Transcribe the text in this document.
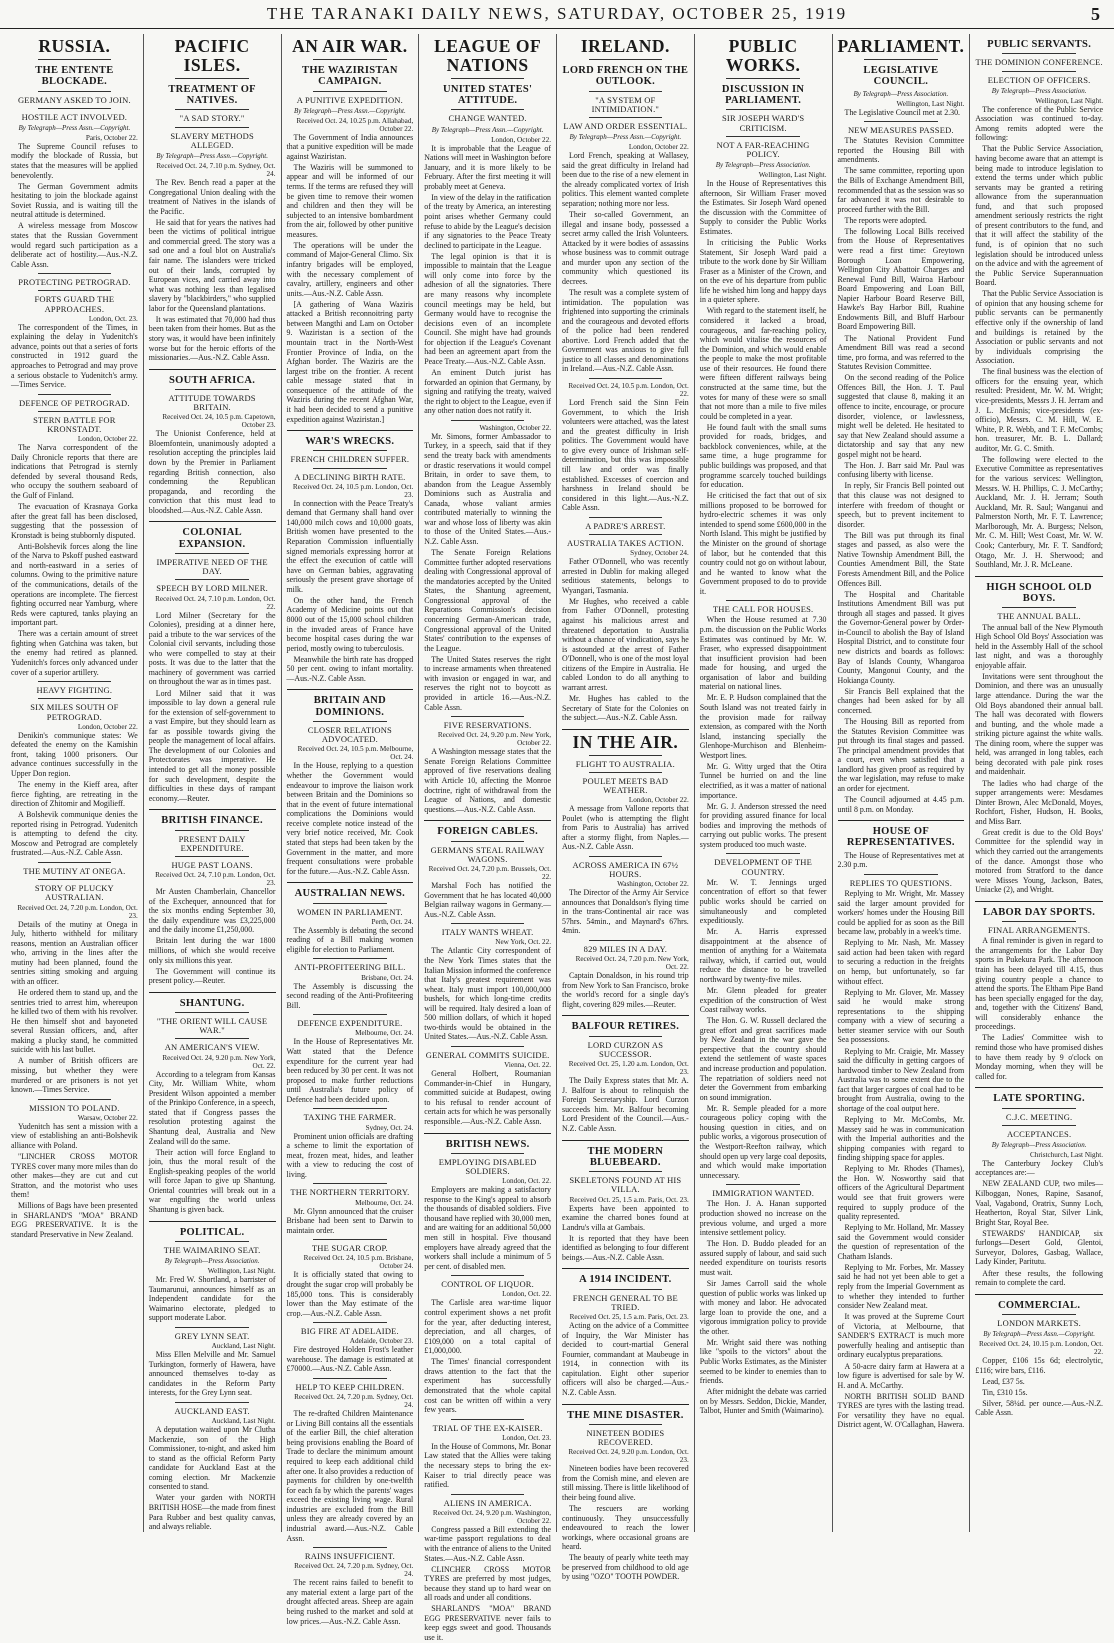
THE TARANAKI DAILY NEWS, SATURDAY, OCTOBER 25, 1919	5
RUSSIA.
THE ENTENTE BLOCKADE.
GERMANY ASKED TO JOIN.
HOSTILE ACT INVOLVED.
By Telegraph—Press Assn.—Copyright.
Paris, October 22.

The Supreme Council refuses to modify the blockade of Russia, but states that the measures will be applied benevolently.

The German Government admits hesitating to join the blockade against Soviet Russia, and is waiting till the neutral attitude is determined.

A wireless message from Moscow states that the Russian Government would regard such participation as a deliberate act of hostility.—Aus.-N.Z. Cable Assn.

PROTECTING PETROGRAD.
FORTS GUARD THE APPROACHES.
London, Oct. 23.

The correspondent of the Times, in explaining the delay in Yudenitch's advance, points out that a series of forts constructed in 1912 guard the approaches to Petrograd and may prove a serious obstacle to Yudenitch's army.—Times Service.

DEFENCE OF PETROGRAD.
STERN BATTLE FOR KRONSTADT.
London, October 22.

The Narva correspondent of the Daily Chronicle reports that there are indications that Petrograd is sternly defended by several thousand Reds, who occupy the southern seaboard of the Gulf of Finland.

The evacuation of Krasnaya Gorka after the great fall has been disclosed, suggesting that the possession of Kronstadt is being stubbornly disputed.

Anti-Bolshevik forces along the line of the Narva to Pskoff pushed eastward and north-eastward in a series of columns. Owing to the primitive nature of the communications, details of the operations are incomplete. The fiercest fighting occurred near Yamburg, where Reds were captured, tanks playing an important part.

There was a certain amount of street fighting when Gatchina was taken, but the enemy had retired as planned. Yudenitch's forces only advanced under cover of a superior artillery.

HEAVY FIGHTING.
SIX MILES SOUTH OF PETROGRAD.
London, October 22.

Denikin's communique states: We defeated the enemy on the Kamishin front, taking 1000 prisoners. Our advance continues successfully in the Upper Don region.

The enemy in the Kieff area, after fierce fighting, are retreating in the direction of Zhitomir and Mogilieff.

A Bolshevik communique denies the reported rising in Petrograd. Yudenitch is attempting to defend the city. Moscow and Petrograd are completely frustrated.—Aus.-N.Z. Cable Assn.

THE MUTINY AT ONEGA.
STORY OF PLUCKY AUSTRALIAN.
Received Oct. 24, 7.20 p.m. London, Oct. 23.

Details of the mutiny at Onega in July, hitherto withheld for military reasons, mention an Australian officer who, arriving in the lines after the mutiny had been planned, found the sentries sitting smoking and arguing with an officer.

He ordered them to stand up, and the sentries tried to arrest him, whereupon he killed two of them with his revolver. He then himself shot and bayoneted several Russian officers, and, after making a plucky stand, he committed suicide with his last bullet.

A number of British officers are missing, but whether they were murdered or are prisoners is not yet known.—Times Service.

MISSION TO POLAND.
Warsaw, October 22.

Yudenitch has sent a mission with a view of establishing an anti-Bolshevik alliance with Poland.

"LINCHER CROSS MOTOR TYRES cover many more miles than do other makes—they are cut and cut Stratton, and the motorist who uses them!

Millions of Bags have been presented in SHARLAND'S "MOA" BRAND EGG PRESERVATIVE. It is the standard Preservative in New Zealand.

PACIFIC ISLES.
TREATMENT OF NATIVES.
"A SAD STORY."
SLAVERY METHODS ALLEGED.
By Telegraph—Press Assn.—Copyright.
Received Oct. 24, 7.10 p.m. Sydney, Oct. 24.

The Rev. Bench read a paper at the Congregational Union dealing with the treatment of Natives in the islands of the Pacific.

He said that for years the natives had been the victims of political intrigue and commercial greed. The story was a sad one and a foul blot on Australia's fair name. The islanders were tricked out of their lands, corrupted by European vices, and carried away into what was nothing less than legalised slavery by "blackbirders," who supplied labor for the Queensland plantations.

It was estimated that 70,000 had thus been taken from their homes. But as the story was, it would have been infinitely worse but for the heroic efforts of the missionaries.—Aus.-N.Z. Cable Assn.

SOUTH AFRICA.
ATTITUDE TOWARDS BRITAIN.
Received Oct. 24, 10.5 p.m. Capetown, October 23.

The Unionist Conference, held at Bloemfontein, unanimously adopted a resolution accepting the principles laid down by the Premier in Parliament regarding British connection, also condemning the Republican propaganda, and recording the conviction that this must lead to bloodshed.—Aus.-N.Z. Cable Assn.

COLONIAL EXPANSION.
IMPERATIVE NEED OF THE DAY.
SPEECH BY LORD MILNER.
Received Oct. 24, 7.10 p.m. London, Oct. 22.

Lord Milner (Secretary for the Colonies), presiding at a dinner here, paid a tribute to the war services of the Colonial civil servants, including those who were compelled to stay at their posts. It was due to the latter that the machinery of government was carried on throughout the war as in times past.

Lord Milner said that it was impossible to lay down a general rule for the extension of self-government to a vast Empire, but they should learn as far as possible towards giving the people the management of local affairs. The development of our Colonies and Protectorates was imperative. He intended to get all the money possible for such development, despite the difficulties in these days of rampant economy.—Reuter.

BRITISH FINANCE.
PRESENT DAILY EXPENDITURE.
HUGE PAST LOANS.
Received Oct. 24, 7.10 p.m. London, Oct. 23.

Mr Austen Chamberlain, Chancellor of the Exchequer, announced that for the six months ending September 30, the daily expenditure was £3,225,000 and the daily income £1,250,000.

Britain lent during the war 1800 millions, of which she would receive only six millions this year.

The Government will continue its present policy.—Reuter.

SHANTUNG.
"THE ORIENT WILL CAUSE WAR."
AN AMERICAN'S VIEW.
Received Oct. 24, 9.20 p.m. New York, Oct. 22.

According to a telegram from Kansas City, Mr. William White, whom President Wilson appointed a member of the Prinkipo Conference, in a speech, stated that if Congress passes the resolution protesting against the Shantung deal, Australia and New Zealand will do the same.

Their action will force England to join, thus the moral result of the English-speaking peoples of the world will force Japan to give up Shantung. Oriental countries will break out in a war engulfing the world unless Shantung is given back.

POLITICAL.
THE WAIMARINO SEAT.
By Telegraph—Press Association.
Wellington, Last Night.

Mr. Fred W. Shortland, a barrister of Taumarunui, announces himself as an Independent candidate for the Waimarino electorate, pledged to support moderate Labor.

GREY LYNN SEAT.
Auckland, Last Night.

Miss Ellen Melville and Mr. Samuel Turkington, formerly of Hawera, have announced themselves to-day as candidates in the Reform Party interests, for the Grey Lynn seat.

AUCKLAND EAST.
Auckland, Last Night.

A deputation waited upon Mr Clutha Mackenzie, son of the High Commissioner, to-night, and asked him to stand as the official Reform Party candidate for Auckland East at the coming election. Mr Mackenzie consented to stand.

Water your garden with NORTH BRITISH HOSE—the made from finest Para Rubber and best quality canvas, and always reliable.

AN AIR WAR.
THE WAZIRISTAN CAMPAIGN.
A PUNITIVE EXPEDITION.
By Telegraph—Press Assn.—Copyright.
Received Oct. 24, 10.25 p.m. Allahabad, October 22.

The Government of India announces that a punitive expedition will be made against Waziristan.

The Waziris will be summoned to appear and will be informed of our terms. If the terms are refused they will be given time to remove their women and children and then they will be subjected to an intensive bombardment from the air, followed by other punitive measures.

The operations will be under the command of Major-General Climo. Six infantry brigades will be employed, with the necessary complement of cavalry, artillery, engineers and other units.—Aus.-N.Z. Cable Assn.

[A gathering of Wana Waziris attacked a British reconnoitring party between Mangthi and Lam on October 9. Waziristan is a section of the mountain tract in the North-West Frontier Province of India, on the Afghan border. The Waziris are the largest tribe on the frontier. A recent cable message stated that in consequence of the attitude of the Waziris during the recent Afghan War, it had been decided to send a punitive expedition against Waziristan.]

WAR'S WRECKS.
FRENCH CHILDREN SUFFER.
A DECLINING BIRTH RATE.
Received Oct. 24, 10.5 p.m. London, Oct. 23.

In connection with the Peace Treaty's demand that Germany shall hand over 140,000 milch cows and 10,000 goats, British women have presented to the Reparation Commission influentially signed memorials expressing horror at the effect the execution of cattle will have on German babies, aggravating seriously the present grave shortage of milk.

On the other hand, the French Academy of Medicine points out that 8000 out of the 15,000 school children in the invaded areas of France have become hospital cases during the war period, mostly owing to tuberculosis.

Meanwhile the birth rate has dropped 50 per cent. owing to infant mortality.—Aus.-N.Z. Cable Assn.

BRITAIN AND DOMINIONS.
CLOSER RELATIONS ADVOCATED.
Received Oct. 24, 10.5 p.m. Melbourne, Oct. 24.

In the House, replying to a question whether the Government would endeavour to improve the liaison work between Britain and the Dominions so that in the event of future international complications the Dominions would receive complete notice instead of the very brief notice received, Mr. Cook stated that steps had been taken by the Government in the matter, and more frequent consultations were probable for the future.—Aus.-N.Z. Cable Assn.

AUSTRALIAN NEWS.
WOMEN IN PARLIAMENT.
Perth, Oct. 24.

The Assembly is debating the second reading of a Bill making women eligible for election to Parliament.

ANTI-PROFITEERING BILL.
Brisbane, Oct. 24.

The Assembly is discussing the second reading of the Anti-Profiteering Bill.

DEFENCE EXPENDITURE.
Melbourne, Oct. 24.

In the House of Representatives Mr. Watt stated that the Defence expenditure for the current year had been reduced by 30 per cent. It was not proposed to make further reductions until Australia's future policy of Defence had been decided upon.

TAXING THE FARMER.
Sydney, Oct. 24.

Prominent union officials are drafting a scheme to limit the exportation of meat, frozen meat, hides, and leather with a view to reducing the cost of living.

THE NORTHERN TERRITORY.
Melbourne, Oct. 24.

Mr. Glynn announced that the cruiser Brisbane had been sent to Darwin to maintain order.

THE SUGAR CROP.
Received Oct. 24, 10.5 p.m. Brisbane, October 24.

It is officially stated that owing to drought the sugar crop will probably be 185,000 tons. This is considerably lower than the May estimate of the crop.—Aus.-N.Z. Cable Assn.

BIG FIRE AT ADELAIDE.
Adelaide, October 23.

Fire destroyed Holden Frost's leather warehouse. The damage is estimated at £70000.—Aus.-N.Z. Cable Assn.

HELP TO KEEP CHILDREN.
Received Oct. 24, 7.20 p.m. Sydney, Oct. 24.

The re-drafted Children Maintenance or Living Bill contains all the essentials of the earlier Bill, the chief alteration being provisions enabling the Board of Trade to declare the minimum amount required to keep each additional child after one. It also provides a reduction of payments for children by one-twelfth for each fa by which the parents' wages exceed the existing living wage. Rural industries are excluded from the Bill unless they are already covered by an industrial award.—Aus.-N.Z. Cable Assn.

RAINS INSUFFICIENT.
Received Oct. 24, 7.20 p.m. Sydney, Oct. 24.

The recent rains failed to benefit to any material extent a large part of the drought affected areas. Sheep are again being rushed to the market and sold at low prices.—Aus.-N.Z. Cable Assn.

LEAGUE OF NATIONS
UNITED STATES' ATTITUDE.
CHANGE WANTED.
By Telegraph—Press Assn.—Copyright.
London, October 22.

It is improbable that the League of Nations will meet in Washington before January, and it is more likely to be February. After the first meeting it will probably meet at Geneva.

In view of the delay in the ratification of the treaty by America, an interesting point arises whether Germany could refuse to abide by the League's decision if any signatories to the Peace Treaty declined to participate in the League.

The legal opinion is that it is impossible to maintain that the League will only come into force by the adhesion of all the signatories. There are many reasons why incomplete council meetings may be held, but Germany would have to recognise the decisions even of an incomplete Council. She might have had grounds for objection if the League's Covenant had been an agreement apart from the Peace Treaty.—Aus.-N.Z. Cable Assn.

An eminent Dutch jurist has forwarded an opinion that Germany, by signing and ratifying the treaty, waived the right to object to the League, even if any other nation does not ratify it.

Washington, October 22.

Mr. Simons, former Ambassador to Turkey, in a speech, said that if they send the treaty back with amendments or drastic reservations it would compel Britain, in order to save them, to abandon from the League Assembly Dominions such as Australia and Canada, whose valiant armies contributed materially to winning the war and whose loss of liberty was akin to those of the United States.—Aus.-N.Z. Cable Assn.

The Senate Foreign Relations Committee further adopted reservations dealing with Congressional approval of the mandatories accepted by the United States, the Shantung agreement, Congressional approval of the Reparations Commission's decision concerning German-American trade, Congressional approval of the United States' contribution to the expenses of the League.

The United States reserves the right to increase armaments when threatened with invasion or engaged in war, and reserves the right not to boycott as provided in article 16.—Aus.-N.Z. Cable Assn.

FIVE RESERVATIONS.
Received Oct. 24, 9.20 p.m. New York, October 22.

A Washington message states that the Senate Foreign Relations Committee approved of five reservations dealing with Article 10, affecting the Monroe doctrine, right of withdrawal from the League of Nations, and domestic questions.—Aus.-N.Z. Cable Assn.

FOREIGN CABLES.
GERMANS STEAL RAILWAY WAGONS.
Received Oct. 24, 7.20 p.m. Brussels, Oct. 22.

Marshal Foch has notified the Government that he has located 40,000 Belgian railway wagons in Germany.—Aus.-N.Z. Cable Assn.

ITALY WANTS WHEAT.
New York, Oct. 22.

The Atlantic City correspondent of the New York Times states that the Italian Mission informed the conference that Italy's greatest requirement was wheat. Italy must import 100,000,000 bushels, for which long-time credits will be required. Italy desired a loan of 500 million dollars, of which it hoped two-thirds would be obtained in the United States.—Aus.-N.Z. Cable Assn.

GENERAL COMMITS SUICIDE.
Vienna, Oct. 22.

General Holbert, Roumanian Commander-in-Chief in Hungary, committed suicide at Budapest, owing to his refusal to render account of certain acts for which he was personally responsible.—Aus.-N.Z. Cable Assn.

BRITISH NEWS.
EMPLOYING DISABLED SOLDIERS.
London, Oct. 22.

Employers are making a satisfactory response to the King's appeal to absorb the thousands of disabled soldiers. Five thousand have replied with 30,000 men, and are waiting for an additional 50,000 men still in hospital. Five thousand employers have already agreed that the workers shall include a minimum of 5 per cent. of disabled men.

CONTROL OF LIQUOR.
London, Oct. 22.

The Carlisle area war-time liquor control experiment shows a net profit for the year, after deducting interest, depreciation, and all charges, of £109,000 on a total capital of £1,000,000.

The Times' financial correspondent draws attention to the fact that the experiment has successfully demonstrated that the whole capital cost can be written off within a very few years.

TRIAL OF THE EX-KAISER.
London, Oct. 23.

In the House of Commons, Mr. Bonar Law stated that the Allies were taking the necessary steps to bring the ex-Kaiser to trial directly peace was ratified.

ALIENS IN AMERICA.
Received Oct. 24, 9.20 p.m. Washington, October 22.

Congress passed a Bill extending the war-time passport regulations to deal with the entrance of aliens to the United States.—Aus.-N.Z. Cable Assn.

CLINCHER CROSS MOTOR TYRES are preferred by most judges, because they stand up to hard wear on all roads and under all conditions.

SHARLAND'S "MOA" BRAND EGG PRESERVATIVE never fails to keep eggs sweet and good. Thousands use it.

IRELAND.
LORD FRENCH ON THE OUTLOOK.
"A SYSTEM OF INTIMIDATION."
LAW AND ORDER ESSENTIAL.
By Telegraph—Press Assn.—Copyright.
London, October 22.

Lord French, speaking at Wallasey, said the great difficulty in Ireland had been due to the rise of a new element in the already complicated vortex of Irish politics. This element wanted complete separation; nothing more nor less.

Their so-called Government, an illegal and insane body, possessed a secret army called the Irish Volunteers. Attacked by it were bodies of assassins whose business was to commit outrage and murder upon any section of the community which questioned its decrees.

The result was a complete system of intimidation. The population was frightened into supporting the criminals and the courageous and devoted efforts of the police had been rendered abortive. Lord French added that the Government was anxious to give full justice to all classes and denominations in Ireland.—Aus.-N.Z. Cable Assn.

Received Oct. 24, 10.5 p.m. London, Oct. 22.

Lord French said the Sinn Fein Government, to which the Irish volunteers were attached, was the latest and the greatest difficulty in Irish politics. The Government would have to give every ounce of Irishman self-determination, but this was impossible till law and order was finally established. Excesses of coercion and harshness in Ireland should be considered in this light.—Aus.-N.Z. Cable Assn.

A PADRE'S ARREST.
AUSTRALIA TAKES ACTION.
Sydney, October 24.

Father O'Donnell, who was recently arrested in Dublin for making alleged seditious statements, belongs to Wyangari, Tasmania.

Mr Hughes, who received a cable from Father O'Donnell, protesting against his malicious arrest and threatened deportation to Australia without a chance of vindication, says he is astounded at the arrest of Father O'Donnell, who is one of the most loyal citizens of the Empire in Australia. He cabled London to do all anything to warrant arrest.

Mr. Hughes has cabled to the Secretary of State for the Colonies on the subject.—Aus.-N.Z. Cable Assn.

IN THE AIR.
FLIGHT TO AUSTRALIA.
POULET MEETS BAD WEATHER.
London, October 22.

A message from Vallone reports that Poulet (who is attempting the flight from Paris to Australia) has arrived after a stormy flight, from Naples.—Aus.-N.Z. Cable Assn.

ACROSS AMERICA IN 67½ HOURS.
Washington, October 22.

The Director of the Army Air Service announces that Donaldson's flying time in the trans-Continental air race was 57hrs. 54min., and Maynard's 67hrs. 4min.

829 MILES IN A DAY.
Received Oct. 24, 7.20 p.m. New York, Oct. 22.

Captain Donaldson, in his round trip from New York to San Francisco, broke the world's record for a single day's flight, covering 829 miles.—Reuter.

BALFOUR RETIRES.
LORD CURZON AS SUCCESSOR.
Received Oct. 25, 1.20 a.m. London, Oct. 23.

The Daily Express states that Mr. A. J. Balfour is about to relinquish the Foreign Secretaryship. Lord Curzon succeeds him. Mr. Balfour becoming Lord President of the Council.—Aus.-N.Z. Cable Assn.

THE MODERN BLUEBEARD.
SKELETONS FOUND AT HIS VILLA.
Received Oct. 25, 1.5 a.m. Paris, Oct. 23.

Experts have been appointed to examine the charred bones found at Landru's villa at Gambais.

It is reported that they have been identified as belonging to four different beings.—Aus.-N.Z. Cable Assn.

A 1914 INCIDENT.
FRENCH GENERAL TO BE TRIED.
Received Oct. 25, 1.5 a.m. Paris, Oct. 23.

Acting on the advice of a Committee of Inquiry, the War Minister has decided to court-martial General Fournier, commandant at Maubeuge in 1914, in connection with its capitulation. Eight other superior officers will also be charged.—Aus.-N.Z. Cable Assn.

THE MINE DISASTER.
NINETEEN BODIES RECOVERED.
Received Oct. 24, 9.20 p.m. London, Oct. 23.

Nineteen bodies have been recovered from the Cornish mine, and eleven are still missing. There is little likelihood of their being found alive.

The rescuers are working continuously. They unsuccessfully endeavoured to reach the lower workings, where occasional groans are heard.

The beauty of pearly white teeth may be preserved from childhood to old age by using "OZO" TOOTH POWDER.

PUBLIC WORKS.
DISCUSSION IN PARLIAMENT.
SIR JOSEPH WARD'S CRITICISM.
NOT A FAR-REACHING POLICY.
By Telegraph—Press Association.
Wellington, Last Night.

In the House of Representatives this afternoon, Sir William Fraser moved the Estimates. Sir Joseph Ward opened the discussion with the Committee of Supply to consider the Public Works Estimates.

In criticising the Public Works Statement, Sir Joseph Ward paid a tribute to the work done by Sir William Fraser as a Minister of the Crown, and on the eve of his departure from public life he wished him long and happy days in a quieter sphere.

With regard to the statement itself, he considered it lacked a broad, courageous, and far-reaching policy, which would vitalise the resources of the Dominion, and which would enable the people to make the most profitable use of their resources. He found there were fifteen different railways being constructed at the same time, but the votes for many of these were so small that not more than a mile to five miles could be completed in a year.

He found fault with the small sums provided for roads, bridges, and backblock conveniences, while, at the same time, a huge programme for public buildings was proposed, and that programme scarcely touched buildings for education.

He criticised the fact that out of six millions proposed to be borrowed for hydro-electric schemes it was only intended to spend some £600,000 in the North Island. This might be justified by the Minister on the ground of shortage of labor, but he contended that this country could not go on without labour, and he wanted to know what the Government proposed to do to provide it.

THE CALL FOR HOUSES.

When the House resumed at 7.30 p.m. the discussion on the Public Works Estimates was continued by Mr. W. Fraser, who expressed disappointment that insufficient provision had been made for housing, and urged the organisation of labor and building material on national lines.

Mr. E. P. Hudson complained that the South Island was not treated fairly in the provision made for railway extension, as compared with the North Island, instancing specially the Glenhope-Murchison and Blenheim-Westport lines.

Mr. G. Witty urged that the Otira Tunnel be hurried on and the line electrified, as it was a matter of national importance.

Mr. G. J. Anderson stressed the need for providing assured finance for local bodies and improving the methods of carrying out public works. The present system produced too much waste.

DEVELOPMENT OF THE COUNTRY.

Mr. W. T. Jennings urged concentration of effort so that fewer public works should be carried on simultaneously and completed expeditiously.

Mr. A. Harris expressed disappointment at the absence of mention of anything for a Waitemata railway, which, if carried out, would reduce the distance to be travelled northward by twenty-five miles.

Mr. Glenn pleaded for greater expedition of the construction of West Coast railway works.

The Hon. G. W. Russell declared the great effort and great sacrifices made by New Zealand in the war gave the perspective that the country should extend the settlement of waste spaces and increase production and population. The repatriation of soldiers need not deter the Government from embarking on sound immigration.

Mr. R. Semple pleaded for a more courageous policy coping with the housing question in cities, and on public works, a vigorous prosecution of the Westport-Reefton railway, which should open up very large coal deposits, and which would make importation unnecessary.

IMMIGRATION WANTED.

The Hon. J. A. Hanan supported production showed no increase on the previous volume, and urged a more intensive settlement policy.

The Hon. D. Buddo pleaded for an assured supply of labour, and said such needed expenditure on tourists resorts must wait.

Sir James Carroll said the whole question of public works was linked up with money and labor. He advocated large loan to provide the one, and a vigorous immigration policy to provide the other.

Mr. Wright said there was nothing like "spoils to the victors" about the Public Works Estimates, as the Minister seemed to be kinder to enemies than to friends.

After midnight the debate was carried on by Messrs. Seddon, Dickie, Mander, Talbot, Hunter and Smith (Waimarino).

PARLIAMENT.
LEGISLATIVE COUNCIL.
By Telegraph—Press Association.
Wellington, Last Night.

The Legislative Council met at 2.30.

NEW MEASURES PASSED.

The Statutes Revision Committee reported the Housing Bill with amendments.

The same committee, reporting upon the Bills of Exchange Amendment Bill, recommended that as the session was so far advanced it was not desirable to proceed further with the Bill.

The reports were adopted.

The following Local Bills received from the House of Representatives were read a first time: Greytown Borough Loan Empowering, Wellington City Abattoir Charges and Renewal Fund Bill, Wairoa Harbour Board Empowering and Loan Bill, Napier Harbour Board Reserve Bill, Hawke's Bay Harbor Bill, Ruahine Endowments Bill, and Bluff Harbour Board Empowering Bill.

The National Provident Fund Amendment Bill was read a second time, pro forma, and was referred to the Statutes Revision Committee.

On the second reading of the Police Offences Bill, the Hon. J. T. Paul suggested that clause 8, making it an offence to incite, encourage, or procure disorder, violence, or lawlessness, might well be deleted. He hesitated to say that New Zealand should assume a dictatorship and say that any new gospel might not be heard.

The Hon. J. Barr said Mr. Paul was confusing liberty with license.

In reply, Sir Francis Bell pointed out that this clause was not designed to interfere with freedom of thought or speech, but to prevent incitement to disorder.

The Bill was put through its final stages and passed, as also were the Native Township Amendment Bill, the Counties Amendment Bill, the State Forests Amendment Bill, and the Police Offences Bill.

The Hospital and Charitable Institutions Amendment Bill was put through all stages and passed. It gives the Governor-General power by Order-in-Council to abolish the Bay of Island Hospital District, and to constitute four new districts and boards as follows: Bay of Islands County, Whangaroa County, Mangonui County, and the Hokianga County.

Sir Francis Bell explained that the changes had been asked for by all concerned.

The Housing Bill as reported from the Statutes Revision Committee was put through its final stages and passed. The principal amendment provides that a court, even when satisfied that a landlord has given proof as required by the war legislation, may refuse to make an order for ejectment.

The Council adjourned at 4.45 p.m. until 8 p.m. on Monday.

HOUSE OF REPRESENTATIVES.

The House of Representatives met at 2.30 p.m.

REPLIES TO QUESTIONS.

Replying to Mr. Wright, Mr. Massey said the larger amount provided for workers' homes under the Housing Bill could be applied for as soon as the Bill became law, probably in a week's time.

Replying to Mr. Nash, Mr. Massey said action had been taken with regard to securing a reduction in the freights on hemp, but unfortunately, so far without effect.

Replying to Mr. Glover, Mr. Massey said he would make strong representations to the shipping company with a view of securing a better steamer service with our South Sea possessions.

Replying to Mr. Craigie, Mr. Massey said the difficulty in getting cargoes of hardwood timber to New Zealand from Australia was to some extent due to the fact that larger cargoes of coal had to be brought from Australia, owing to the shortage of the coal output here.

Replying to Mr. McCombs, Mr. Massey said he was in communication with the Imperial authorities and the shipping companies with regard to finding shipping space for apples.

Replying to Mr. Rhodes (Thames), the Hon. W. Nosworthy said that officers of the Agricultural Department would see that fruit growers were required to supply produce of the quality represented.

Replying to Mr. Holland, Mr. Massey said the Government would consider the question of representation of the Chatham Islands.

Replying to Mr. Forbes, Mr. Massey said he had not yet been able to get a reply from the Imperial Government as to whether they intended to further consider New Zealand meat.

It was proved at the Supreme Court of Victoria, at Melbourne, that SANDER'S EXTRACT is much more powerfully healing and antiseptic than ordinary eucalyptus preparations.

A 50-acre dairy farm at Hawera at a low figure is advertised for sale by W. H. and A. McCarthy.

NORTH BRITISH SOLID BAND TYRES are tyres with the lasting tread. For versatility they have no equal. District agent, W. O'Callaghan, Hawera.

PUBLIC SERVANTS.
THE DOMINION CONFERENCE.
ELECTION OF OFFICERS.
By Telegraph—Press Association.
Wellington, Last Night.

The conference of the Public Service Association was continued to-day. Among remits adopted were the following:

That the Public Service Association, having become aware that an attempt is being made to introduce legislation to extend the terms under which public servants may be granted a retiring allowance from the superannuation fund, and that such proposed amendment seriously restricts the right of present contributors to the fund, and that it will affect the stability of the fund, is of opinion that no such legislation should be introduced unless on the advice and with the agreement of the Public Service Superannuation Board.

That the Public Service Association is of opinion that any housing scheme for public servants can be permanently effective only if the ownership of land and buildings is retained by the Association or public servants and not by individuals comprising the Association.

The final business was the election of officers for the ensuing year, which resulted: President, Mr. W. M. Wright; vice-presidents, Messrs J. H. Jerram and J. L. McEnnis; vice-presidents (ex-officio), Messrs. C. M. Hill, W. E. White, P. R. Webb, and T. F. McCombs; hon. treasurer, Mr. B. L. Dallard; auditor, Mr. G. C. Smith.

The following were elected to the Executive Committee as representatives for the various services: Wellington, Messrs. W. H. Phillips, C. J. McCarthy; Auckland, Mr. J. H. Jerram; South Auckland, Mr. R. Saul; Wanganui and Palmerston North, Mr. F. T. Lawrence; Marlborough, Mr. A. Burgess; Nelson, Mr. C. M. Hill; West Coast, Mr. W. W. Cook; Canterbury, Mr. F. T. Sandford; Otago, Mr. J. H. Sherwood; and Southland, Mr. J. R. McLeane.

HIGH SCHOOL OLD BOYS.
THE ANNUAL BALL.

The annual ball of the New Plymouth High School Old Boys' Association was held in the Assembly Hall of the school last night, and was a thoroughly enjoyable affair.

Invitations were sent throughout the Dominion, and there was an unusually large attendance. During the war the Old Boys abandoned their annual ball. The hall was decorated with flowers and bunting, and the whole made a striking picture against the white walls. The dining room, where the supper was held, was arranged in long tables, each being decorated with pale pink roses and maidenhair.

The ladies who had charge of the supper arrangements were: Mesdames Dinter Brown, Alec McDonald, Moyes, Rochfort, Fisher, Hudson, H. Books, and Miss Barr.

Great credit is due to the Old Boys' Committee for the splendid way in which they carried out the arrangements of the dance. Amongst those who motored from Stratford to the dance were Misses Young, Jackson, Bates, Uniacke (2), and Wright.

LABOR DAY SPORTS.
FINAL ARRANGEMENTS.

A final reminder is given in regard to the arrangements for the Labor Day sports in Pukekura Park. The afternoon train has been delayed till 4.15, thus giving country people a chance to attend the sports. The Eltham Pipe Band has been specially engaged for the day, and, together with the Citizens' Band, will considerably enhance the proceedings.

The Ladies' Committee wish to remind those who have promised dishes to have them ready by 9 o'clock on Monday morning, when they will be called for.

LATE SPORTING.
C.J.C. MEETING.
ACCEPTANCES.
By Telegraph—Press Association.
Christchurch, Last Night.

The Canterbury Jockey Club's acceptances are:—

NEW ZEALAND CUP, two miles—Kilboggan, Nones, Rapine, Sasanof, Vaal, Vagabond, Oratrix, Sunny Loch, Heatherton, Royal Star, Silver Link, Bright Star, Royal Bee.

STEWARDS' HANDICAP, six furlongs—Desert Gold, Glentoi, Surveyor, Dolores, Gasbag, Wallace, Lady Kinder, Paritutu.

After these results, the following remain to complete the card.

COMMERCIAL.
LONDON MARKETS.
By Telegraph—Press Assn.—Copyright.
Received Oct. 24, 10.15 p.m. London, Oct. 22.

Copper, £106 15s 6d; electrolytic, £116; wire bars, £116.

Lead, £37 5s.

Tin, £310 15s.

Silver, 58¼d. per ounce.—Aus.-N.Z. Cable Assn.
